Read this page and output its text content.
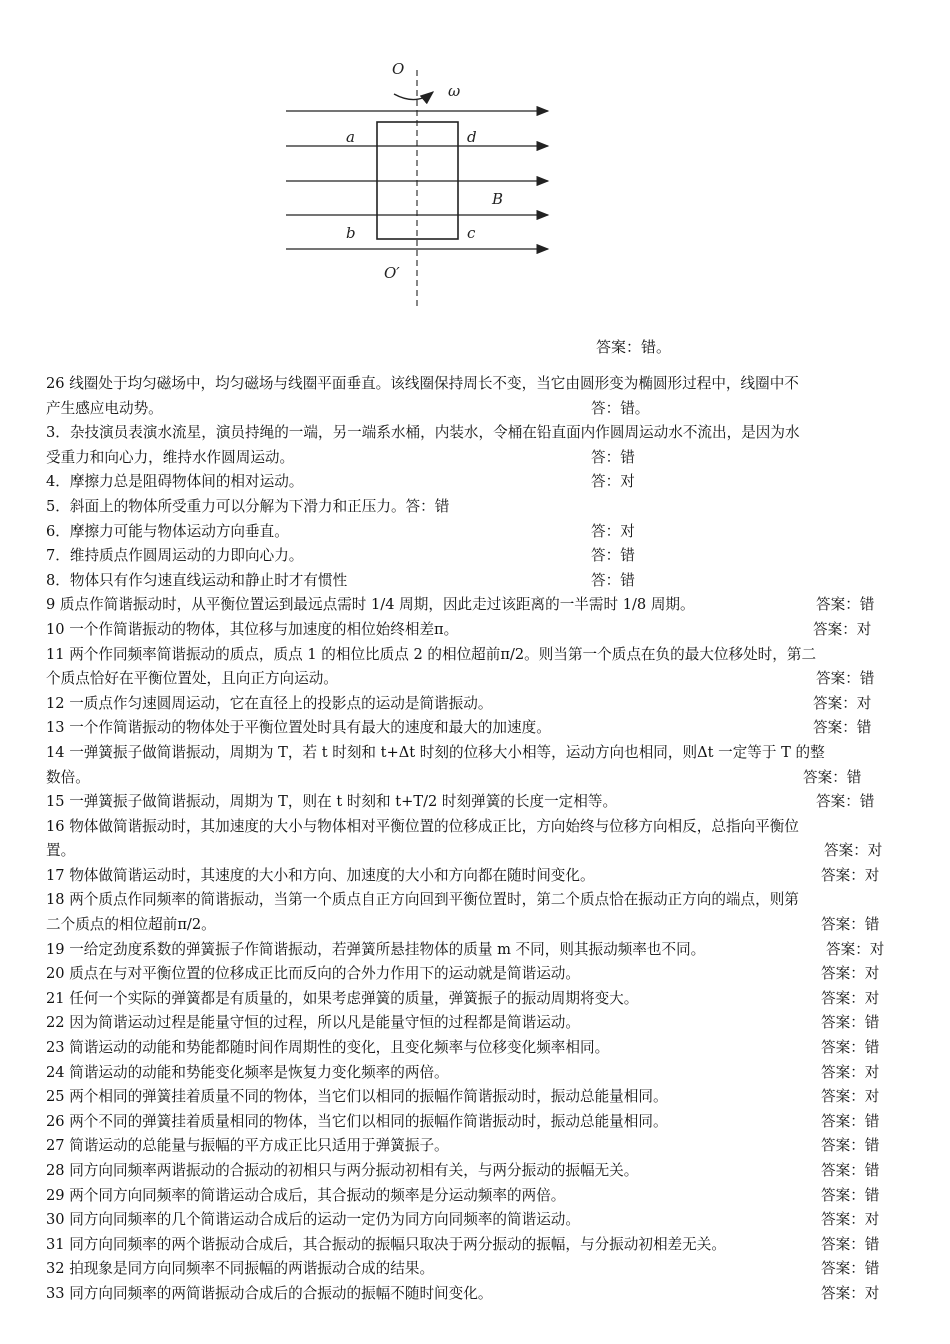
O
ω
a	d
B
b	c
O′
答案：错。
26 线圈处于均匀磁场中，均匀磁场与线圈平面垂直。该线圈保持周长不变，当它由圆形变为椭圆形过程中，线圈中不
产生感应电动势。	答：错。
3．杂技演员表演水流星，演员持绳的一端，另一端系水桶，内装水，令桶在铅直面内作圆周运动水不流出，是因为水
受重力和向心力，维持水作圆周运动。	答：错
4．摩擦力总是阻碍物体间的相对运动。	答：对
5．斜面上的物体所受重力可以分解为下滑力和正压力。答：错
6．摩擦力可能与物体运动方向垂直。	答：对
7．维持质点作圆周运动的力即向心力。	答：错
8．物体只有作匀速直线运动和静止时才有惯性	答：错
9 质点作简谐振动时，从平衡位置运到最远点需时 1/4 周期，因此走过该距离的一半需时 1/8 周期。	答案：错
10 一个作简谐振动的物体，其位移与加速度的相位始终相差π。	答案：对
11 两个作同频率简谐振动的质点，质点 1 的相位比质点 2 的相位超前π/2。则当第一个质点在负的最大位移处时，第二
个质点恰好在平衡位置处，且向正方向运动。	答案：错
12 一质点作匀速圆周运动，它在直径上的投影点的运动是简谐振动。	答案：对
13 一个作简谐振动的物体处于平衡位置处时具有最大的速度和最大的加速度。	答案：错
14 一弹簧振子做简谐振动，周期为 T，若 t 时刻和 t+Δt 时刻的位移大小相等，运动方向也相同，则Δt 一定等于 T 的整
数倍。	答案：错
15 一弹簧振子做简谐振动，周期为 T，则在 t 时刻和 t+T/2 时刻弹簧的长度一定相等。	答案：错
16 物体做简谐振动时，其加速度的大小与物体相对平衡位置的位移成正比，方向始终与位移方向相反，总指向平衡位
置。	答案：对
17 物体做简谐运动时，其速度的大小和方向、加速度的大小和方向都在随时间变化。	答案：对
18 两个质点作同频率的简谐振动，当第一个质点自正方向回到平衡位置时，第二个质点恰在振动正方向的端点，则第
二个质点的相位超前π/2。	答案：错
19 一给定劲度系数的弹簧振子作简谐振动，若弹簧所悬挂物体的质量 m 不同，则其振动频率也不同。	答案：对
20 质点在与对平衡位置的位移成正比而反向的合外力作用下的运动就是简谐运动。	答案：对
21 任何一个实际的弹簧都是有质量的，如果考虑弹簧的质量，弹簧振子的振动周期将变大。	答案：对
22 因为简谐运动过程是能量守恒的过程，所以凡是能量守恒的过程都是简谐运动。	答案：错
23 简谐运动的动能和势能都随时间作周期性的变化，且变化频率与位移变化频率相同。	答案：错
24 简谐运动的动能和势能变化频率是恢复力变化频率的两倍。	答案：对
25 两个相同的弹簧挂着质量不同的物体，当它们以相同的振幅作简谐振动时，振动总能量相同。	答案：对
26 两个不同的弹簧挂着质量相同的物体，当它们以相同的振幅作简谐振动时，振动总能量相同。	答案：错
27 简谐运动的总能量与振幅的平方成正比只适用于弹簧振子。	答案：错
28 同方向同频率两谐振动的合振动的初相只与两分振动初相有关，与两分振动的振幅无关。	答案：错
29 两个同方向同频率的简谐运动合成后，其合振动的频率是分运动频率的两倍。	答案：错
30 同方向同频率的几个简谐运动合成后的运动一定仍为同方向同频率的简谐运动。	答案：对
31 同方向同频率的两个谐振动合成后，其合振动的振幅只取决于两分振动的振幅，与分振动初相差无关。	答案：错
32 拍现象是同方向同频率不同振幅的两谐振动合成的结果。	答案：错
33 同方向同频率的两简谐振动合成后的合振动的振幅不随时间变化。	答案：对
